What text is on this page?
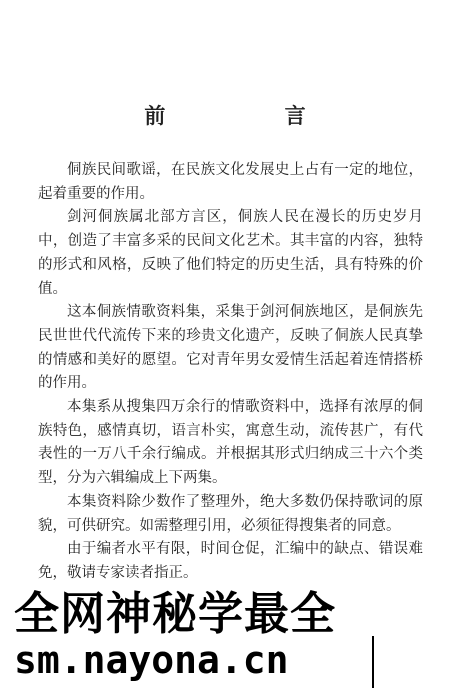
前 言

侗族民间歌谣，在民族文化发展史上占有一定的地位，起着重要的作用。

剑河侗族属北部方言区，侗族人民在漫长的历史岁月中，创造了丰富多采的民间文化艺术。其丰富的内容，独特的形式和风格，反映了他们特定的历史生活，具有特殊的价值。

这本侗族情歌资料集，采集于剑河侗族地区，是侗族先民世世代代流传下来的珍贵文化遗产，反映了侗族人民真挚的情感和美好的愿望。它对青年男女爱情生活起着连情搭桥的作用。

本集系从搜集四万余行的情歌资料中，选择有浓厚的侗族特色，感情真切，语言朴实，寓意生动，流传甚广，有代表性的一万八千余行编成。并根据其形式归纳成三十六个类型，分为六辑编成上下两集。

本集资料除少数作了整理外，绝大多数仍保持歌词的原貌，可供研究。如需整理引用，必须征得搜集者的同意。

由于编者水平有限，时间仓促，汇编中的缺点、错误难免，敬请专家读者指正。

全网神秘学最全
sm.nayona.cn
